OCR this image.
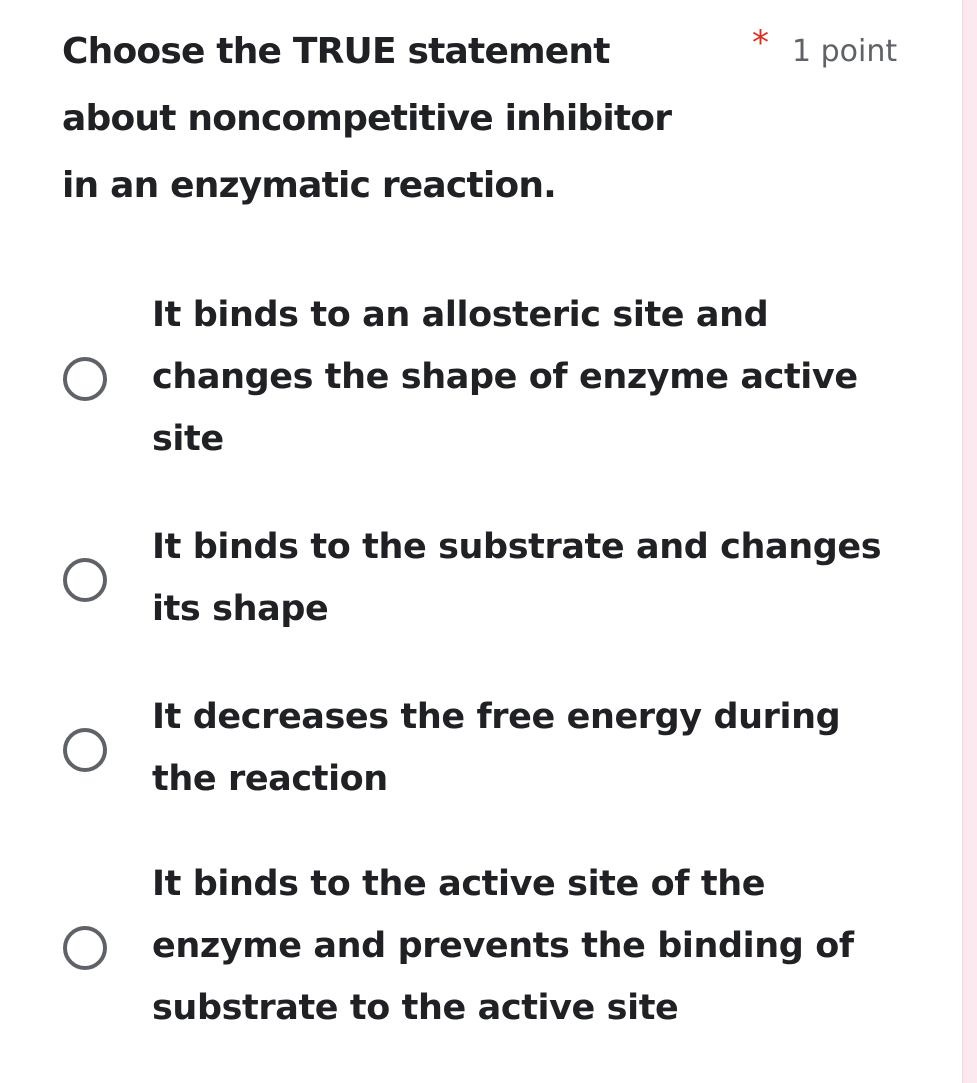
Choose the TRUE statement about noncompetitive inhibitor in an enzymatic reaction.
* 1 point
It binds to an allosteric site and changes the shape of enzyme active site
It binds to the substrate and changes its shape
It decreases the free energy during the reaction
It binds to the active site of the enzyme and prevents the binding of substrate to the active site
